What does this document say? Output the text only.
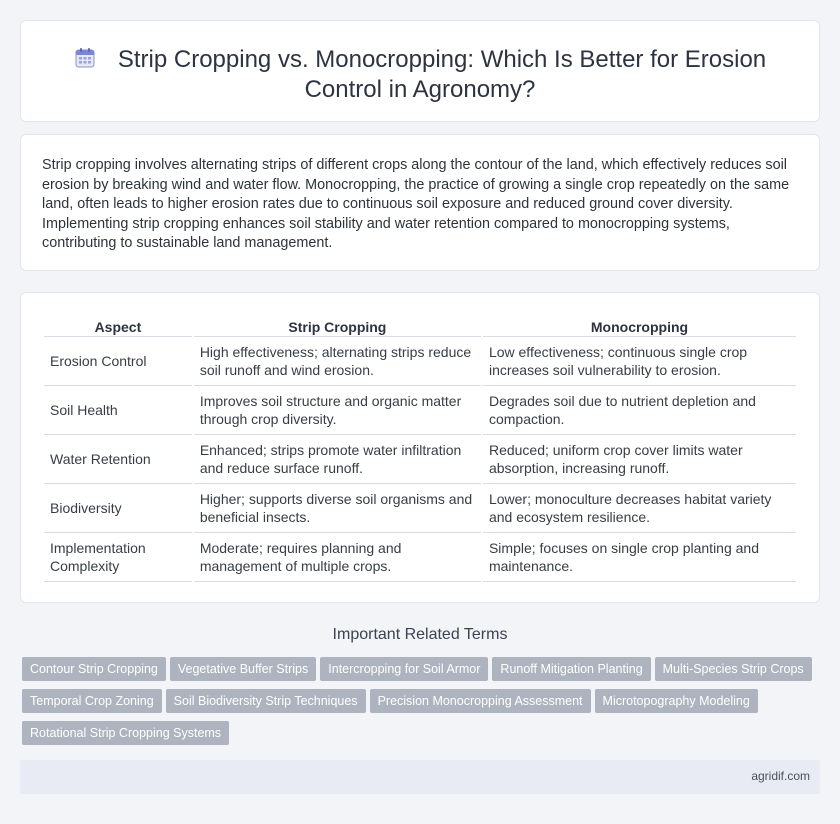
Strip Cropping vs. Monocropping: Which Is Better for Erosion
Control in Agronomy?

Strip cropping involves alternating strips of different crops along the contour of the land, which effectively reduces soil erosion by breaking wind and water flow. Monocropping, the practice of growing a single crop repeatedly on the same land, often leads to higher erosion rates due to continuous soil exposure and reduced ground cover diversity. Implementing strip cropping enhances soil stability and water retention compared to monocropping systems, contributing to sustainable land management.

Aspect	Strip Cropping	Monocropping
Erosion Control	High effectiveness; alternating strips reduce soil runoff and wind erosion.	Low effectiveness; continuous single crop increases soil vulnerability to erosion.
Soil Health	Improves soil structure and organic matter through crop diversity.	Degrades soil due to nutrient depletion and compaction.
Water Retention	Enhanced; strips promote water infiltration and reduce surface runoff.	Reduced; uniform crop cover limits water absorption, increasing runoff.
Biodiversity	Higher; supports diverse soil organisms and beneficial insects.	Lower; monoculture decreases habitat variety and ecosystem resilience.
Implementation Complexity	Moderate; requires planning and management of multiple crops.	Simple; focuses on single crop planting and maintenance.
Important Related Terms
Contour Strip Cropping Vegetative Buffer Strips Intercropping for Soil Armor Runoff Mitigation Planting Multi-Species Strip Crops
Temporal Crop Zoning Soil Biodiversity Strip Techniques Precision Monocropping Assessment Microtopography Modeling
Rotational Strip Cropping Systems
agridif.com
